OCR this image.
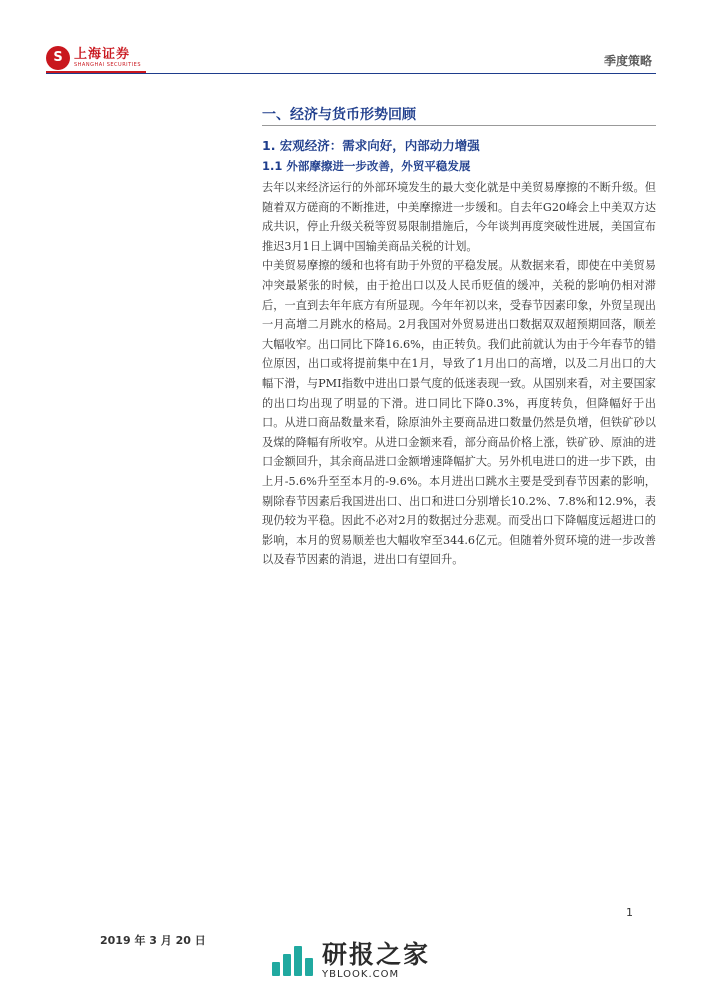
S 上海证券
SHANGHAI SECURITIES	季度策略
一、经济与货币形势回顾
1. 宏观经济：需求向好，内部动力增强
1.1 外部摩擦进一步改善，外贸平稳发展

去年以来经济运行的外部环境发生的最大变化就是中美贸易摩擦的不断升级。但随着双方磋商的不断推进，中美摩擦进一步缓和。自去年G20峰会上中美双方达成共识，停止升级关税等贸易限制措施后，今年谈判再度突破性进展，美国宣布推迟3月1日上调中国输美商品关税的计划。

中美贸易摩擦的缓和也将有助于外贸的平稳发展。从数据来看，即使在中美贸易冲突最紧张的时候，由于抢出口以及人民币贬值的缓冲，关税的影响仍相对滞后，一直到去年年底方有所显现。今年年初以来，受春节因素印象，外贸呈现出一月高增二月跳水的格局。2月我国对外贸易进出口数据双双超预期回落，顺差大幅收窄。出口同比下降16.6%，由正转负。我们此前就认为由于今年春节的错位原因，出口或将提前集中在1月，导致了1月出口的高增，以及二月出口的大幅下滑，与PMI指数中进出口景气度的低迷表现一致。从国别来看，对主要国家的出口均出现了明显的下滑。进口同比下降0.3%，再度转负，但降幅好于出口。从进口商品数量来看，除原油外主要商品进口数量仍然是负增，但铁矿砂以及煤的降幅有所收窄。从进口金额来看，部分商品价格上涨，铁矿砂、原油的进口金额回升，其余商品进口金额增速降幅扩大。另外机电进口的进一步下跌，由上月-5.6%升至至本月的-9.6%。本月进出口跳水主要是受到春节因素的影响，剔除春节因素后我国进出口、出口和进口分别增长10.2%、7.8%和12.9%，表现仍较为平稳。因此不必对2月的数据过分悲观。而受出口下降幅度远超进口的影响，本月的贸易顺差也大幅收窄至344.6亿元。但随着外贸环境的进一步改善以及春节因素的消退，进出口有望回升。

1
2019 年 3 月 20 日	研报之家
YBLOOK.COM
